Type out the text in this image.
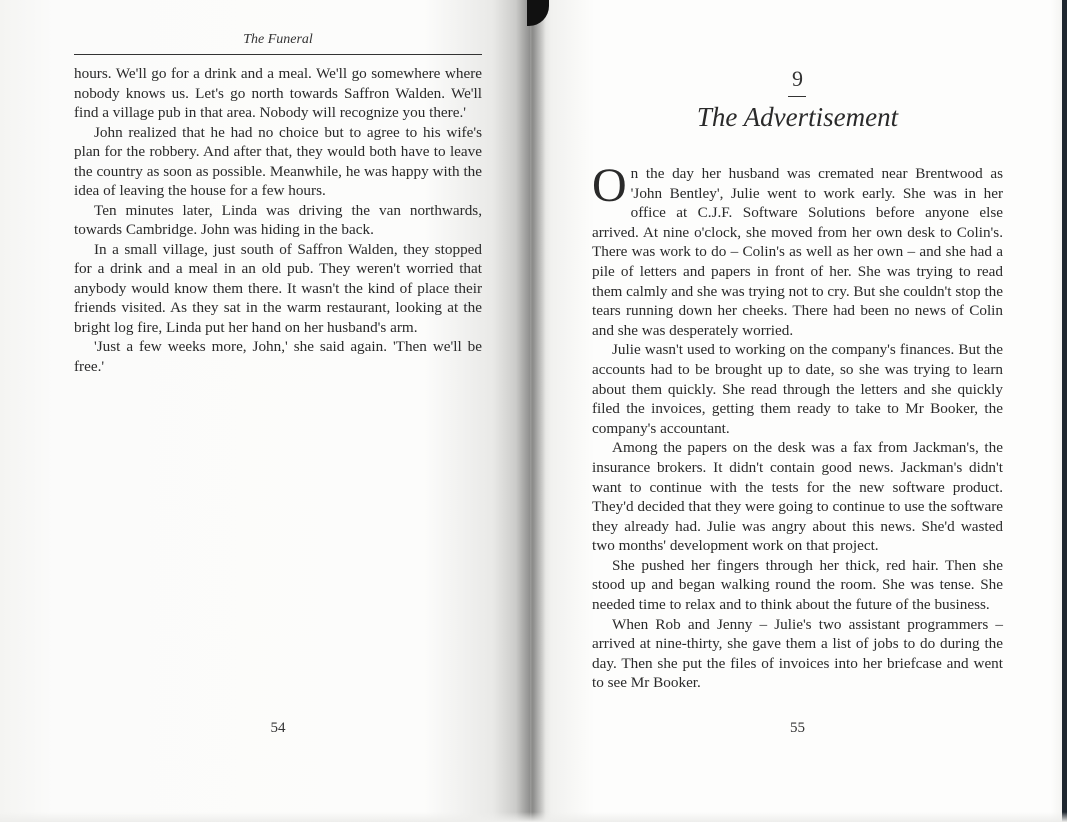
The Funeral

hours. We'll go for a drink and a meal. We'll go somewhere where nobody knows us. Let's go north towards Saffron Walden. We'll find a village pub in that area. Nobody will recognize you there.'

John realized that he had no choice but to agree to his wife's plan for the robbery. And after that, they would both have to leave the country as soon as possible. Meanwhile, he was happy with the idea of leaving the house for a few hours.

Ten minutes later, Linda was driving the van northwards, towards Cambridge. John was hiding in the back.

In a small village, just south of Saffron Walden, they stopped for a drink and a meal in an old pub. They weren't worried that anybody would know them there. It wasn't the kind of place their friends visited. As they sat in the warm restaurant, looking at the bright log fire, Linda put her hand on her husband's arm.

'Just a few weeks more, John,' she said again. 'Then we'll be free.'

54
9
The Advertisement

On the day her husband was cremated near Brentwood as 'John Bentley', Julie went to work early. She was in her office at C.J.F. Software Solutions before anyone else arrived. At nine o'clock, she moved from her own desk to Colin's. There was work to do – Colin's as well as her own – and she had a pile of letters and papers in front of her. She was trying to read them calmly and she was trying not to cry. But she couldn't stop the tears running down her cheeks. There had been no news of Colin and she was desperately worried.

Julie wasn't used to working on the company's finances. But the accounts had to be brought up to date, so she was trying to learn about them quickly. She read through the letters and she quickly filed the invoices, getting them ready to take to Mr Booker, the company's accountant.

Among the papers on the desk was a fax from Jackman's, the insurance brokers. It didn't contain good news. Jackman's didn't want to continue with the tests for the new software product. They'd decided that they were going to continue to use the software they already had. Julie was angry about this news. She'd wasted two months' development work on that project.

She pushed her fingers through her thick, red hair. Then she stood up and began walking round the room. She was tense. She needed time to relax and to think about the future of the business.

When Rob and Jenny – Julie's two assistant programmers – arrived at nine-thirty, she gave them a list of jobs to do during the day. Then she put the files of invoices into her briefcase and went to see Mr Booker.

55
